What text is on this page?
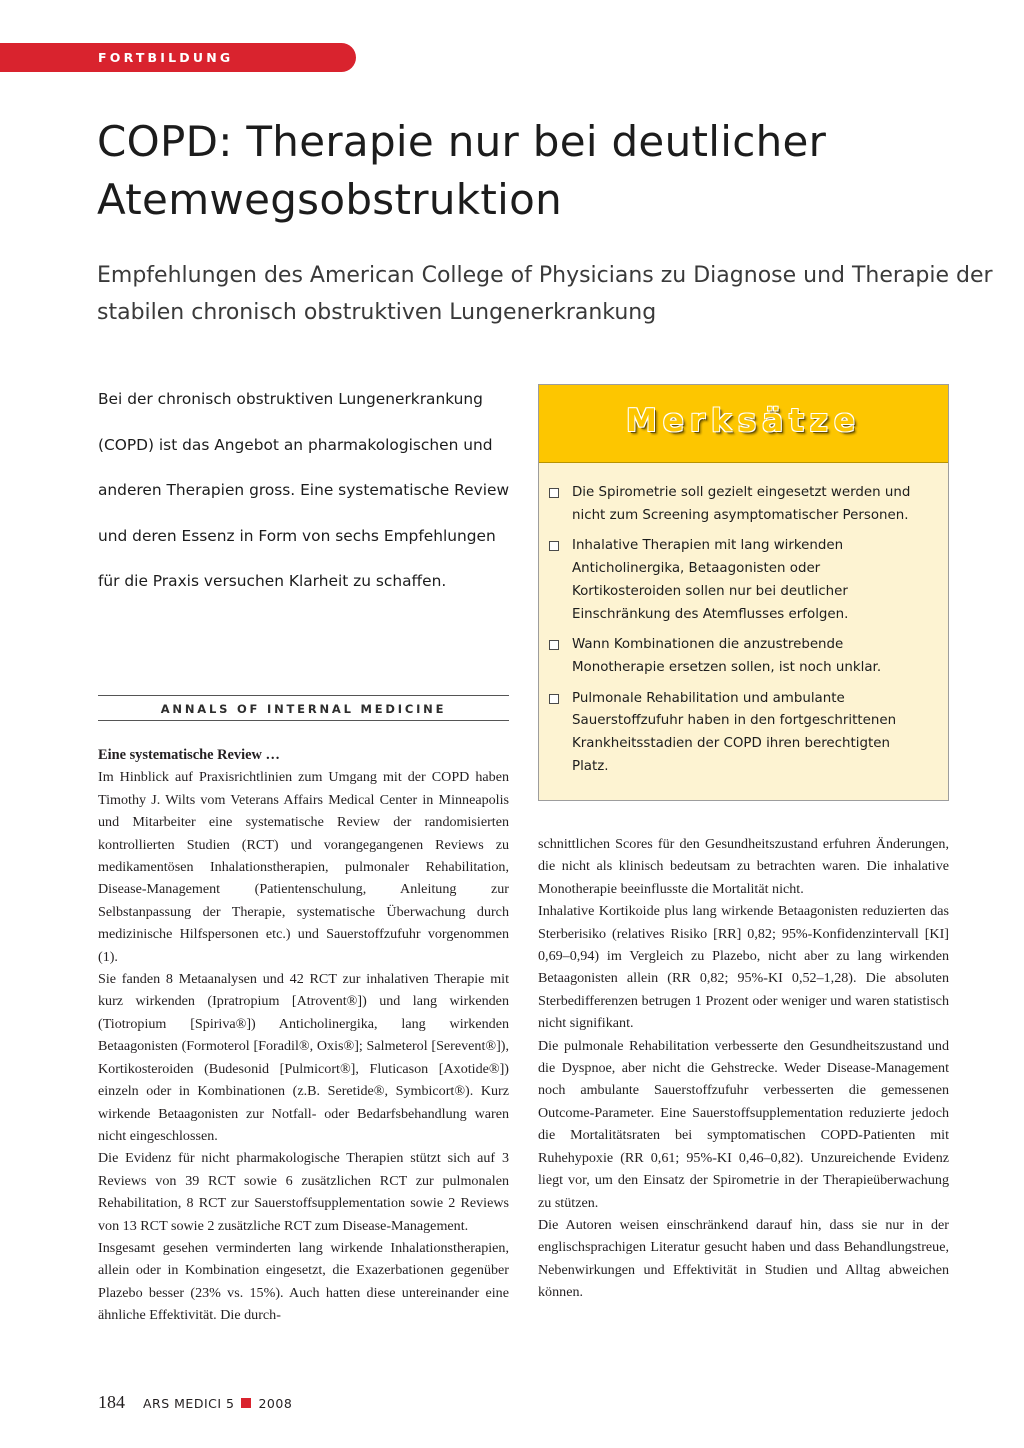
FORTBILDUNG
COPD: Therapie nur bei deutlicher Atemwegsobstruktion
Empfehlungen des American College of Physicians zu Diagnose und Therapie der stabilen chronisch obstruktiven Lungenerkrankung

Bei der chronisch obstruktiven Lungenerkrankung (COPD) ist das Angebot an pharmakologischen und anderen Therapien gross. Eine systematische Review und deren Essenz in Form von sechs Empfehlungen für die Praxis versuchen Klarheit zu schaffen.

ANNALS OF INTERNAL MEDICINE
Merksätze
Die Spirometrie soll gezielt eingesetzt werden und nicht zum Screening asymptomatischer Personen.
Inhalative Therapien mit lang wirkenden Anticholinergika, Betaagonisten oder Kortikosteroiden sollen nur bei deutlicher Einschränkung des Atemflusses erfolgen.
Wann Kombinationen die anzustrebende Monotherapie ersetzen sollen, ist noch unklar.
Pulmonale Rehabilitation und ambulante Sauerstoffzufuhr haben in den fortgeschrittenen Krankheitsstadien der COPD ihren berechtigten Platz.
Eine systematische Review …

Im Hinblick auf Praxisrichtlinien zum Umgang mit der COPD haben Timothy J. Wilts vom Veterans Affairs Medical Center in Minneapolis und Mitarbeiter eine systematische Review der randomisierten kontrollierten Studien (RCT) und vorangegangenen Reviews zu medikamentösen Inhalationstherapien, pulmonaler Rehabilitation, Disease-Management (Patientenschulung, Anleitung zur Selbstanpassung der Therapie, systematische Überwachung durch medizinische Hilfspersonen etc.) und Sauerstoffzufuhr vorgenommen (1).

Sie fanden 8 Metaanalysen und 42 RCT zur inhalativen Therapie mit kurz wirkenden (Ipratropium [Atrovent®]) und lang wirkenden (Tiotropium [Spiriva®]) Anticholinergika, lang wirkenden Betaagonisten (Formoterol [Foradil®, Oxis®]; Salmeterol [Serevent®]), Kortikosteroiden (Budesonid [Pulmicort®], Fluticason [Axotide®]) einzeln oder in Kombinationen (z.B. Seretide®, Symbicort®). Kurz wirkende Betaagonisten zur Notfall- oder Bedarfsbehandlung waren nicht eingeschlossen.

Die Evidenz für nicht pharmakologische Therapien stützt sich auf 3 Reviews von 39 RCT sowie 6 zusätzlichen RCT zur pulmonalen Rehabilitation, 8 RCT zur Sauerstoffsupplementation sowie 2 Reviews von 13 RCT sowie 2 zusätzliche RCT zum Disease-Management.

Insgesamt gesehen verminderten lang wirkende Inhalationstherapien, allein oder in Kombination eingesetzt, die Exazerbationen gegenüber Plazebo besser (23% vs. 15%). Auch hatten diese untereinander eine ähnliche Effektivität. Die durch-

schnittlichen Scores für den Gesundheitszustand erfuhren Änderungen, die nicht als klinisch bedeutsam zu betrachten waren. Die inhalative Monotherapie beeinflusste die Mortalität nicht.

Inhalative Kortikoide plus lang wirkende Betaagonisten reduzierten das Sterberisiko (relatives Risiko [RR] 0,82; 95%-Konfidenzintervall [KI] 0,69–0,94) im Vergleich zu Plazebo, nicht aber zu lang wirkenden Betaagonisten allein (RR 0,82; 95%-KI 0,52–1,28). Die absoluten Sterbedifferenzen betrugen 1 Prozent oder weniger und waren statistisch nicht signifikant.

Die pulmonale Rehabilitation verbesserte den Gesundheitszustand und die Dyspnoe, aber nicht die Gehstrecke. Weder Disease-Management noch ambulante Sauerstoffzufuhr verbesserten die gemessenen Outcome-Parameter. Eine Sauerstoffsupplementation reduzierte jedoch die Mortalitätsraten bei symptomatischen COPD-Patienten mit Ruhehypoxie (RR 0,61; 95%-KI 0,46–0,82). Unzureichende Evidenz liegt vor, um den Einsatz der Spirometrie in der Therapieüberwachung zu stützen.

Die Autoren weisen einschränkend darauf hin, dass sie nur in der englischsprachigen Literatur gesucht haben und dass Behandlungstreue, Nebenwirkungen und Effektivität in Studien und Alltag abweichen können.

184 ARS MEDICI 5 2008
